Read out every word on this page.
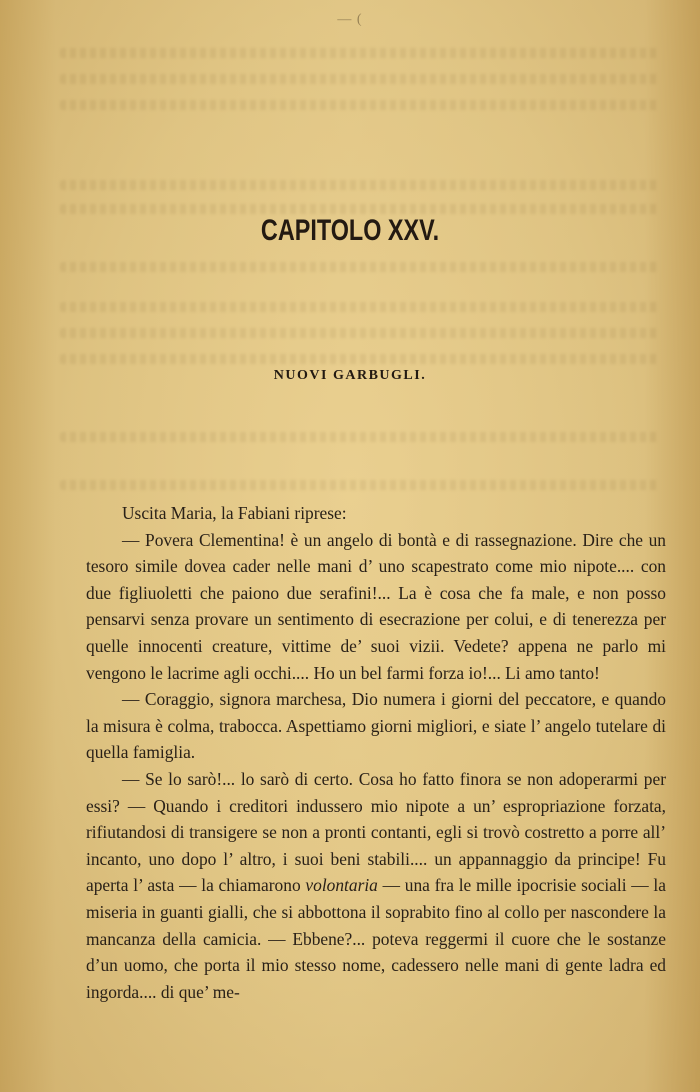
— (
CAPITOLO XXV.
NUOVI GARBUGLI.

Uscita Maria, la Fabiani riprese:

— Povera Clementina! è un angelo di bontà e di rassegnazione. Dire che un tesoro simile dovea cader nelle mani d’ uno scapestrato come mio nipote.... con due figliuoletti che paiono due serafini!... La è cosa che fa male, e non posso pensarvi senza provare un sentimento di esecrazione per colui, e di tenerezza per quelle innocenti creature, vittime de’ suoi vizii. Vedete? appena ne parlo mi vengono le lacrime agli occhi.... Ho un bel farmi forza io!... Li amo tanto!

— Coraggio, signora marchesa, Dio numera i giorni del peccatore, e quando la misura è colma, trabocca. Aspettiamo giorni migliori, e siate l’ angelo tutelare di quella famiglia.

— Se lo sarò!... lo sarò di certo. Cosa ho fatto finora se non adoperarmi per essi? — Quando i creditori indussero mio nipote a un’ espropriazione forzata, rifiutandosi di transigere se non a pronti contanti, egli si trovò costretto a porre all’ incanto, uno dopo l’ altro, i suoi beni stabili.... un appannaggio da principe! Fu aperta l’ asta — la chiamarono volontaria — una fra le mille ipocrisie sociali — la miseria in guanti gialli, che si abbottona il soprabito fino al collo per nascondere la mancanza della camicia. — Ebbene?... poteva reggermi il cuore che le sostanze d’un uomo, che porta il mio stesso nome, cadessero nelle mani di gente ladra ed ingorda.... di que’ me-
